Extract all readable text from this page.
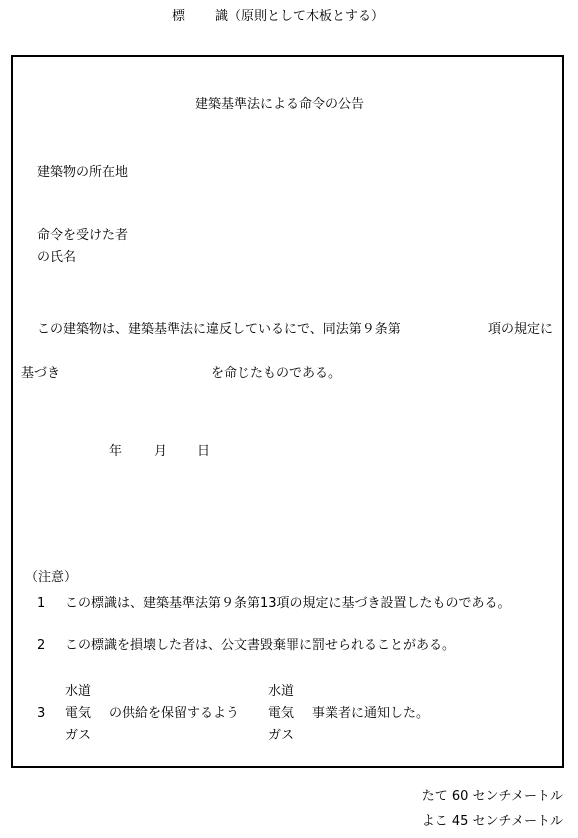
標 識（原則として木板とする）
建築基準法による命令の公告
建築物の所在地
命令を受けた者
の氏名
この建築物は、建築基準法に違反しているにで、同法第９条第	項の規定に
基づき	を命じたものである。
年 月 日
（注意）
1 この標識は、建築基準法第９条第13項の規定に基づき設置したものである。
2 この標識を損壊した者は、公文書毀棄罪に罰せられることがある。
水道
3 電気 の供給を保留するよう
ガス
水道
電気 事業者に通知した。
ガス
たて 60 センチメートル
よこ 45 センチメートル
